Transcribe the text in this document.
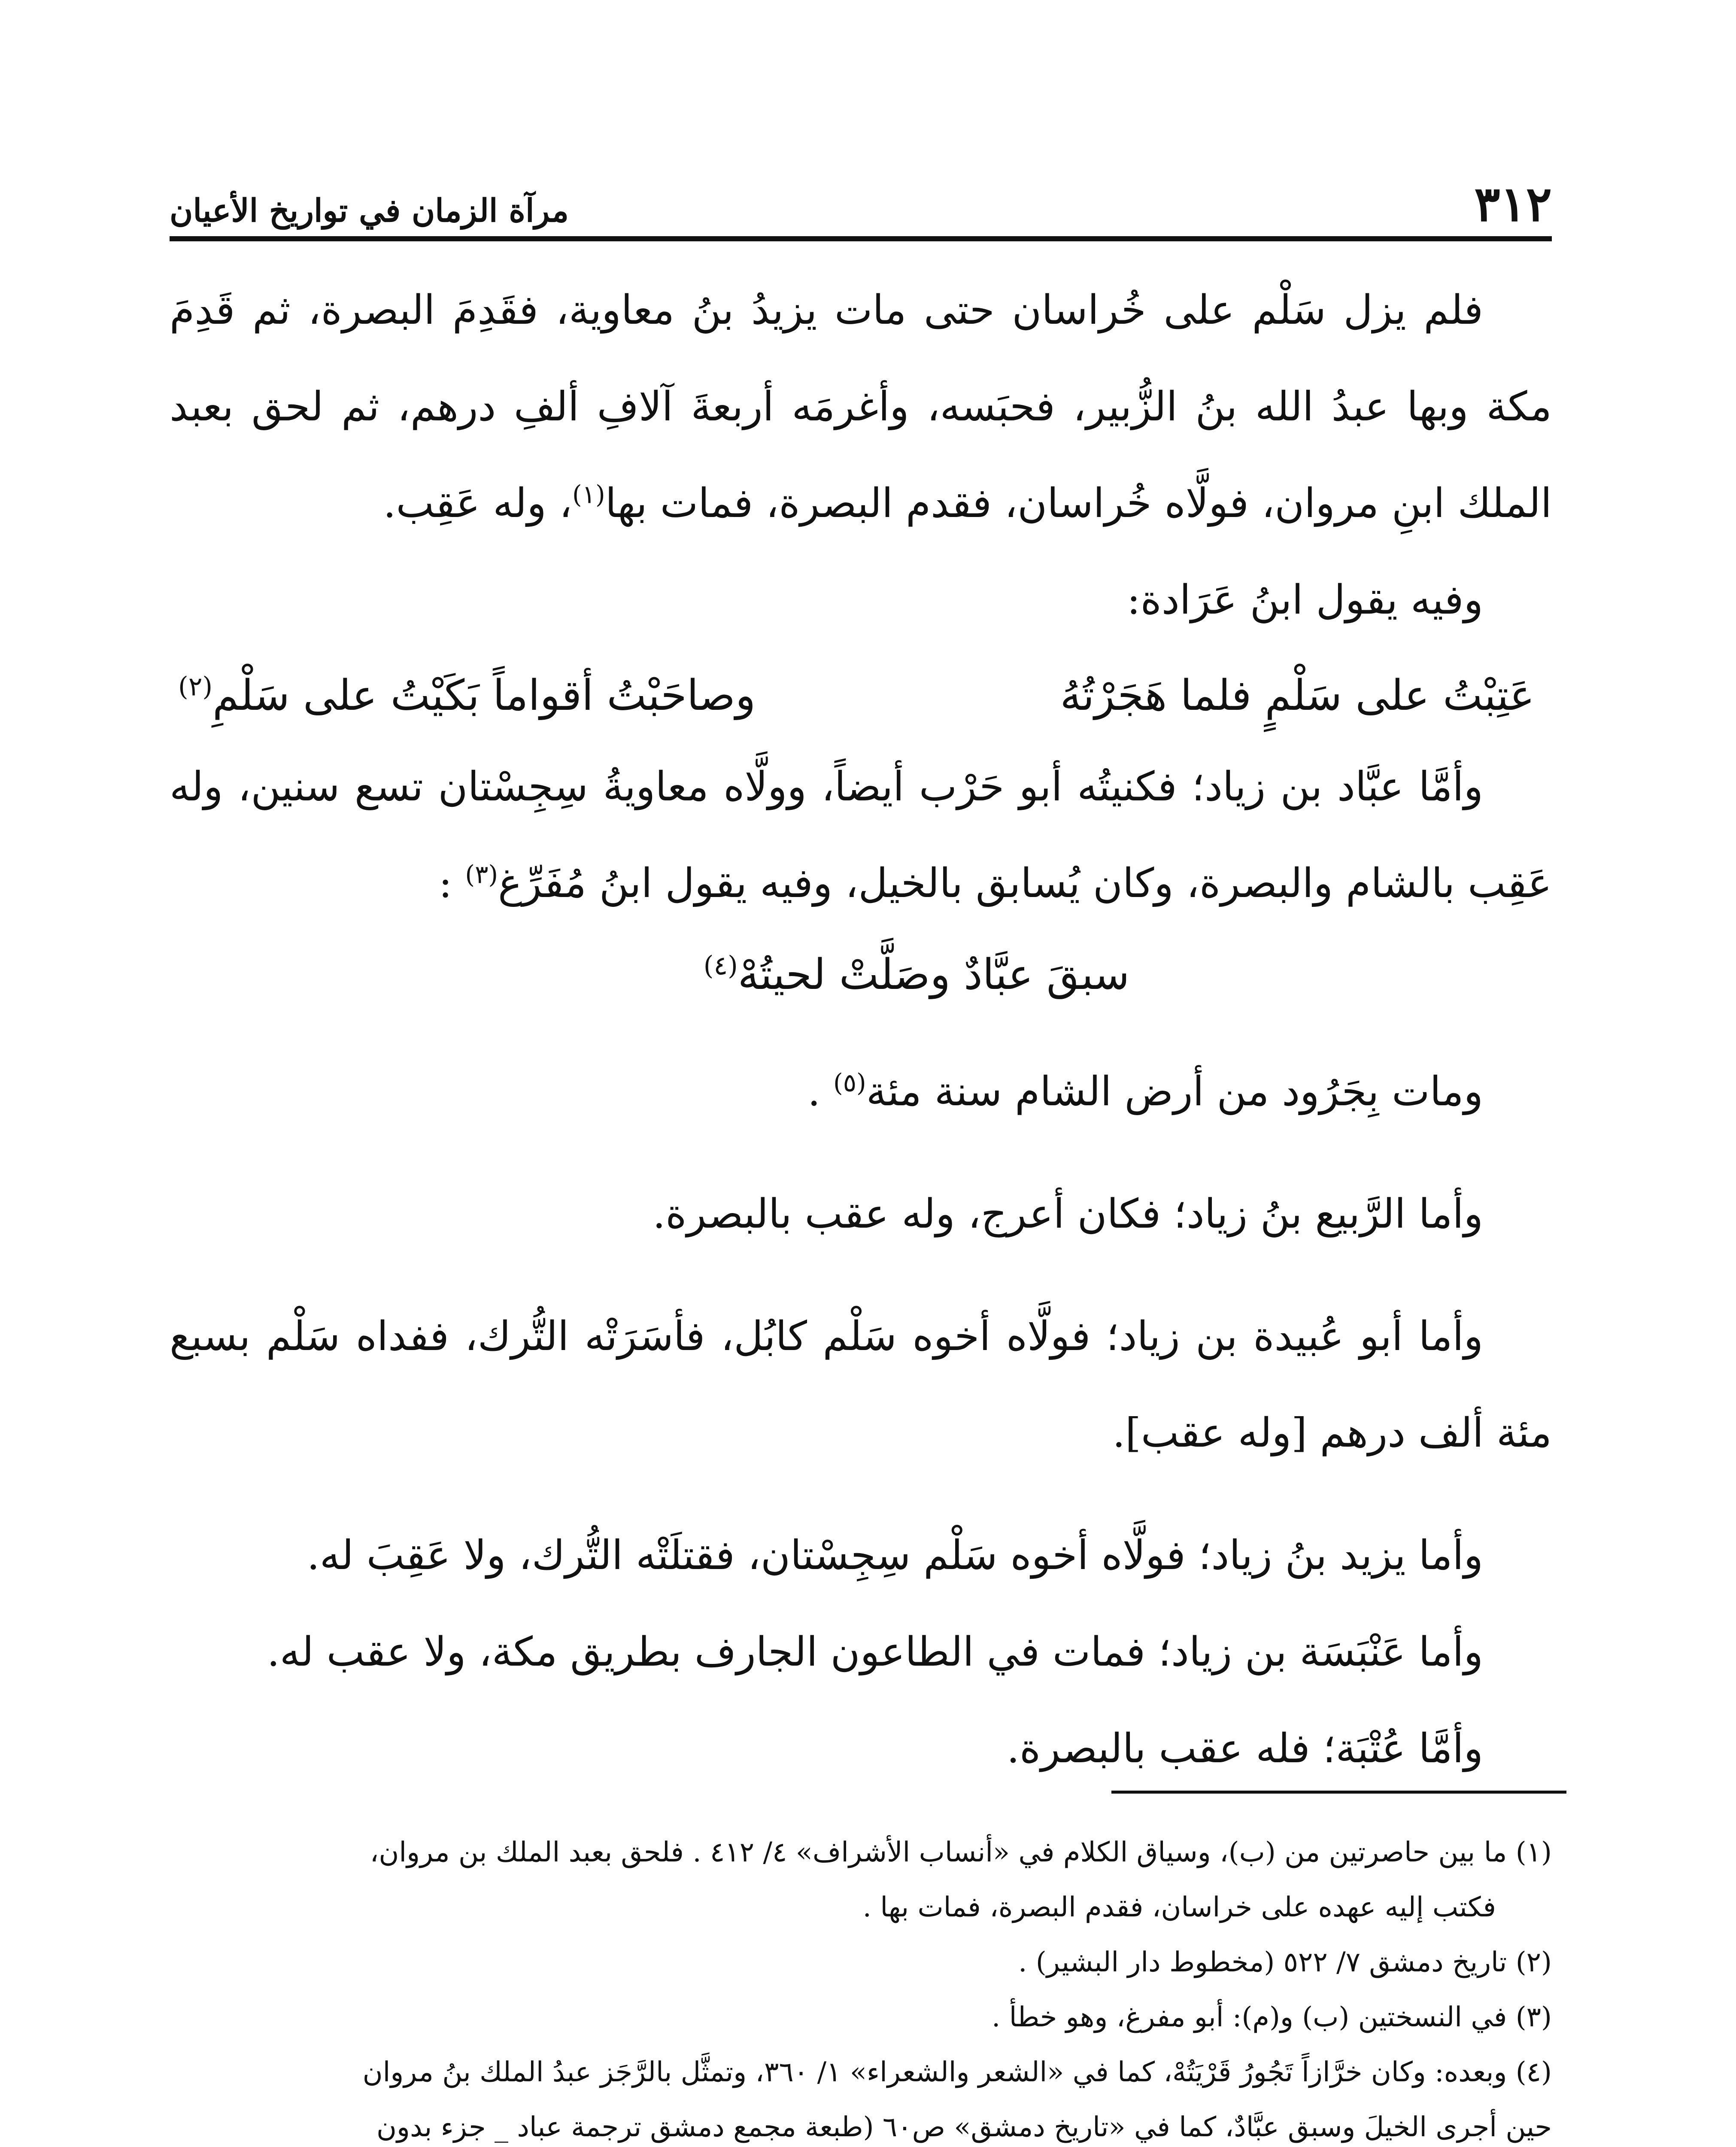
٣١٢
مرآة الزمان في تواريخ الأعيان

فلم يزل سَلْم على خُراسان حتى مات يزيدُ بنُ معاوية، فقَدِمَ البصرة، ثم قَدِمَ مكة وبها عبدُ الله بنُ الزُّبير، فحبَسه، وأغرمَه أربعةَ آلافِ ألفِ درهم، ثم لحق بعبد الملك ابنِ مروان، فولَّاه خُراسان، فقدم البصرة، فمات بها$^{(١)}$، وله عَقِب.

وفيه يقول ابنُ عَرَادة:

عَتِبْتُ على سَلْمٍ فلما هَجَرْتُهُ
وصاحَبْتُ أقواماً بَكَيْتُ على سَلْمِ$^{(٢)}$

وأمَّا عبَّاد بن زياد؛ فكنيتُه أبو حَرْب أيضاً، وولَّاه معاويةُ سِجِسْتان تسع سنين، وله عَقِب بالشام والبصرة، وكان يُسابق بالخيل، وفيه يقول ابنُ مُفَرِّغ$^{(٣)}$ :

سبقَ عبَّادٌ وصَلَّتْ لحيتُهْ$^{(٤)}$

ومات بِجَرُود من أرض الشام سنة مئة$^{(٥)}$ .

وأما الرَّبيع بنُ زياد؛ فكان أعرج، وله عقب بالبصرة.

وأما أبو عُبيدة بن زياد؛ فولَّاه أخوه سَلْم كابُل، فأسَرَتْه التُّرك، ففداه سَلْم بسبع مئة ألف درهم [وله عقب].

وأما يزيد بنُ زياد؛ فولَّاه أخوه سَلْم سِجِسْتان، فقتلَتْه التُّرك، ولا عَقِبَ له.

وأما عَنْبَسَة بن زياد؛ فمات في الطاعون الجارف بطريق مكة، ولا عقب له.

وأمَّا عُتْبَة؛ فله عقب بالبصرة.

(١) ما بين حاصرتين من (ب)، وسياق الكلام في «أنساب الأشراف» ٤/ ٤١٢ . فلحق بعبد الملك بن مروان،

فكتب إليه عهده على خراسان، فقدم البصرة، فمات بها .

(٢) تاريخ دمشق ٧/ ٥٢٢ (مخطوط دار البشير) .

(٣) في النسختين (ب) و(م): أبو مفرغ، وهو خطأ .

(٤) وبعده: وكان خرَّازاً تَجُورُ قَرْيَتُهْ، كما في «الشعر والشعراء» ١/ ٣٦٠، وتمثَّل بالرَّجَز عبدُ الملك بنُ مروان

حين أجرى الخيلَ وسبق عبَّادٌ، كما في «تاريخ دمشق» ص٦٠ (طبعة مجمع دمشق ترجمة عباد _ جزء بدون
